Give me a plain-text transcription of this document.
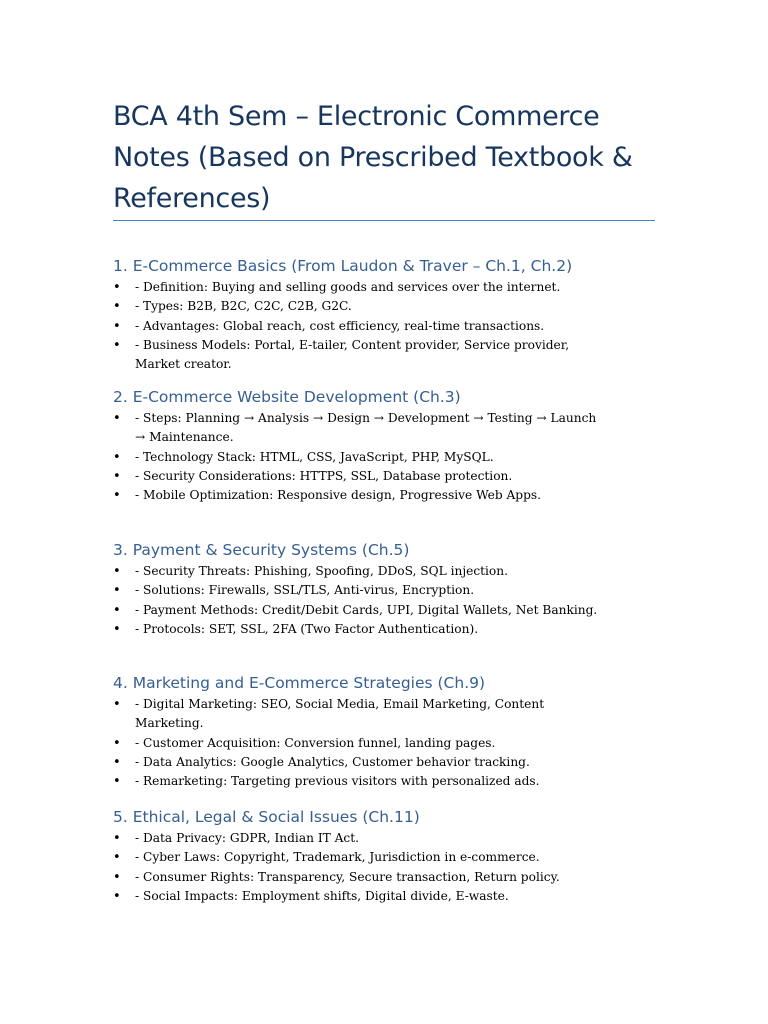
BCA 4th Sem – Electronic Commerce Notes (Based on Prescribed Textbook & References)
1. E-Commerce Basics (From Laudon & Traver – Ch.1, Ch.2)
• - Definition: Buying and selling goods and services over the internet.
• - Types: B2B, B2C, C2C, C2B, G2C.
• - Advantages: Global reach, cost efficiency, real-time transactions.
• - Business Models: Portal, E-tailer, Content provider, Service provider, Market creator.
2. E-Commerce Website Development (Ch.3)
• - Steps: Planning → Analysis → Design → Development → Testing → Launch → Maintenance.
• - Technology Stack: HTML, CSS, JavaScript, PHP, MySQL.
• - Security Considerations: HTTPS, SSL, Database protection.
• - Mobile Optimization: Responsive design, Progressive Web Apps.
3. Payment & Security Systems (Ch.5)
• - Security Threats: Phishing, Spoofing, DDoS, SQL injection.
• - Solutions: Firewalls, SSL/TLS, Anti-virus, Encryption.
• - Payment Methods: Credit/Debit Cards, UPI, Digital Wallets, Net Banking.
• - Protocols: SET, SSL, 2FA (Two Factor Authentication).
4. Marketing and E-Commerce Strategies (Ch.9)
• - Digital Marketing: SEO, Social Media, Email Marketing, Content Marketing.
• - Customer Acquisition: Conversion funnel, landing pages.
• - Data Analytics: Google Analytics, Customer behavior tracking.
• - Remarketing: Targeting previous visitors with personalized ads.
5. Ethical, Legal & Social Issues (Ch.11)
• - Data Privacy: GDPR, Indian IT Act.
• - Cyber Laws: Copyright, Trademark, Jurisdiction in e-commerce.
• - Consumer Rights: Transparency, Secure transaction, Return policy.
• - Social Impacts: Employment shifts, Digital divide, E-waste.
